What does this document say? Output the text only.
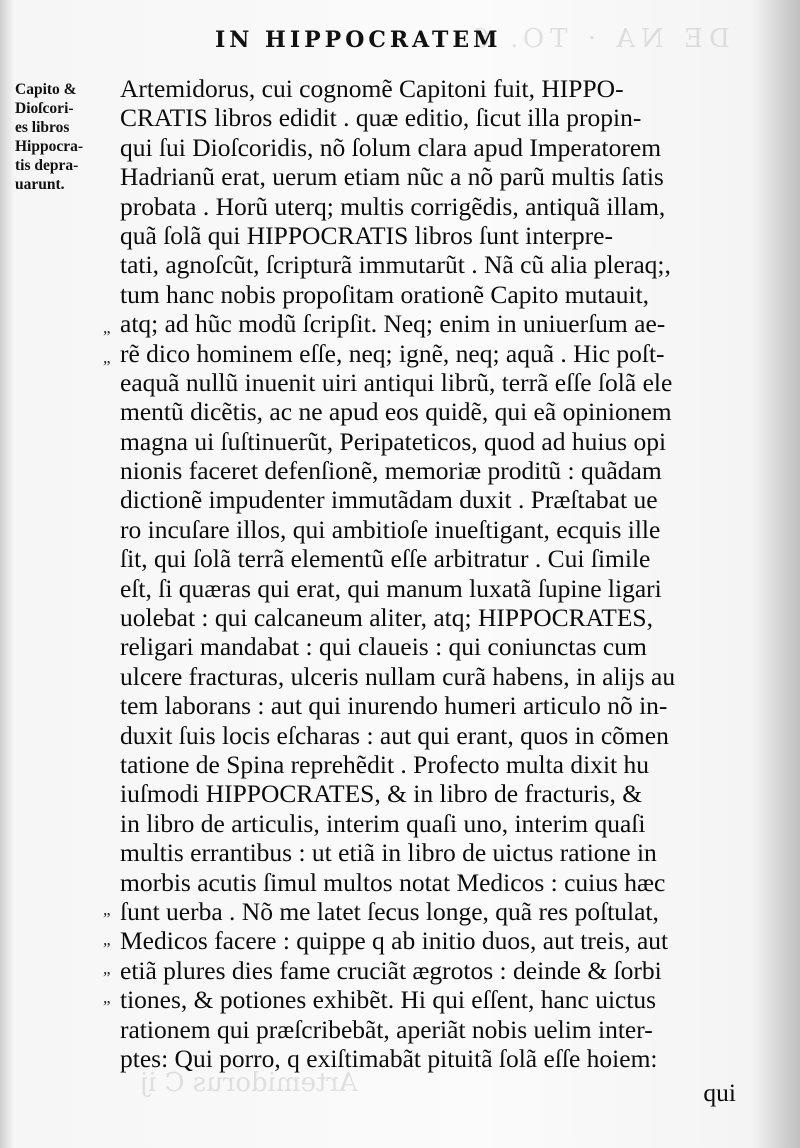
DE NA · TO. 6.
Artemidorus C ij
IN HIPPOCRATEM
Capito &
Dioſcori-
es libros
Hippocra-
tis depra-
uarunt.
„
„
„
„
„
„
Artemidorus, cui cognomẽ Capitoni fuit, HIPPO-
CRATIS libros edidit . quæ editio, ſicut illa propin-
qui ſui Dioſcoridis, nõ ſolum clara apud Imperatorem
Hadrianũ erat, uerum etiam nũc a nõ parũ multis ſatis
probata . Horũ uterq; multis corrigẽdis, antiquã illam,
quã ſolã qui HIPPOCRATIS libros ſunt interpre-
tati, agnoſcũt, ſcripturã immutarũt . Nã cũ alia pleraq;,
tum hanc nobis propoſitam orationẽ Capito mutauit,
atq; ad hũc modũ ſcripſit. Neq; enim in uniuerſum ae-
rẽ dico hominem eſſe, neq; ignẽ, neq; aquã . Hic poſt-
eaquã nullũ inuenit uiri antiqui librũ, terrã eſſe ſolã ele
mentũ dicẽtis, ac ne apud eos quidẽ, qui eã opinionem
magna ui ſuſtinuerũt, Peripateticos, quod ad huius opi
nionis faceret defenſionẽ, memoriæ proditũ : quãdam
dictionẽ impudenter immutãdam duxit . Præſtabat ue
ro incuſare illos, qui ambitioſe inueſtigant, ecquis ille
ſit, qui ſolã terrã elementũ eſſe arbitratur . Cui ſimile
eſt, ſi quæras qui erat, qui manum luxatã ſupine ligari
uolebat : qui calcaneum aliter, atq; HIPPOCRATES,
religari mandabat : qui claueis : qui coniunctas cum
ulcere fracturas, ulceris nullam curã habens, in alijs au
tem laborans : aut qui inurendo humeri articulo nõ in-
duxit ſuis locis eſcharas : aut qui erant, quos in cõmen
tatione de Spina reprehẽdit . Profecto multa dixit hu
iuſmodi HIPPOCRATES, & in libro de fracturis, &
in libro de articulis, interim quaſi uno, interim quaſi
multis errantibus : ut etiã in libro de uictus ratione in
morbis acutis ſimul multos notat Medicos : cuius hæc
ſunt uerba . Nõ me latet ſecus longe, quã res poſtulat,
Medicos facere : quippe q ab initio duos, aut treis, aut
etiã plures dies fame cruciãt ægrotos : deinde & ſorbi
tiones, & potiones exhibẽt. Hi qui eſſent, hanc uictus
rationem qui præſcribebãt, aperiãt nobis uelim inter-
ptes: Qui porro, q exiſtimabãt pituitã ſolã eſſe hoiem:
qui
